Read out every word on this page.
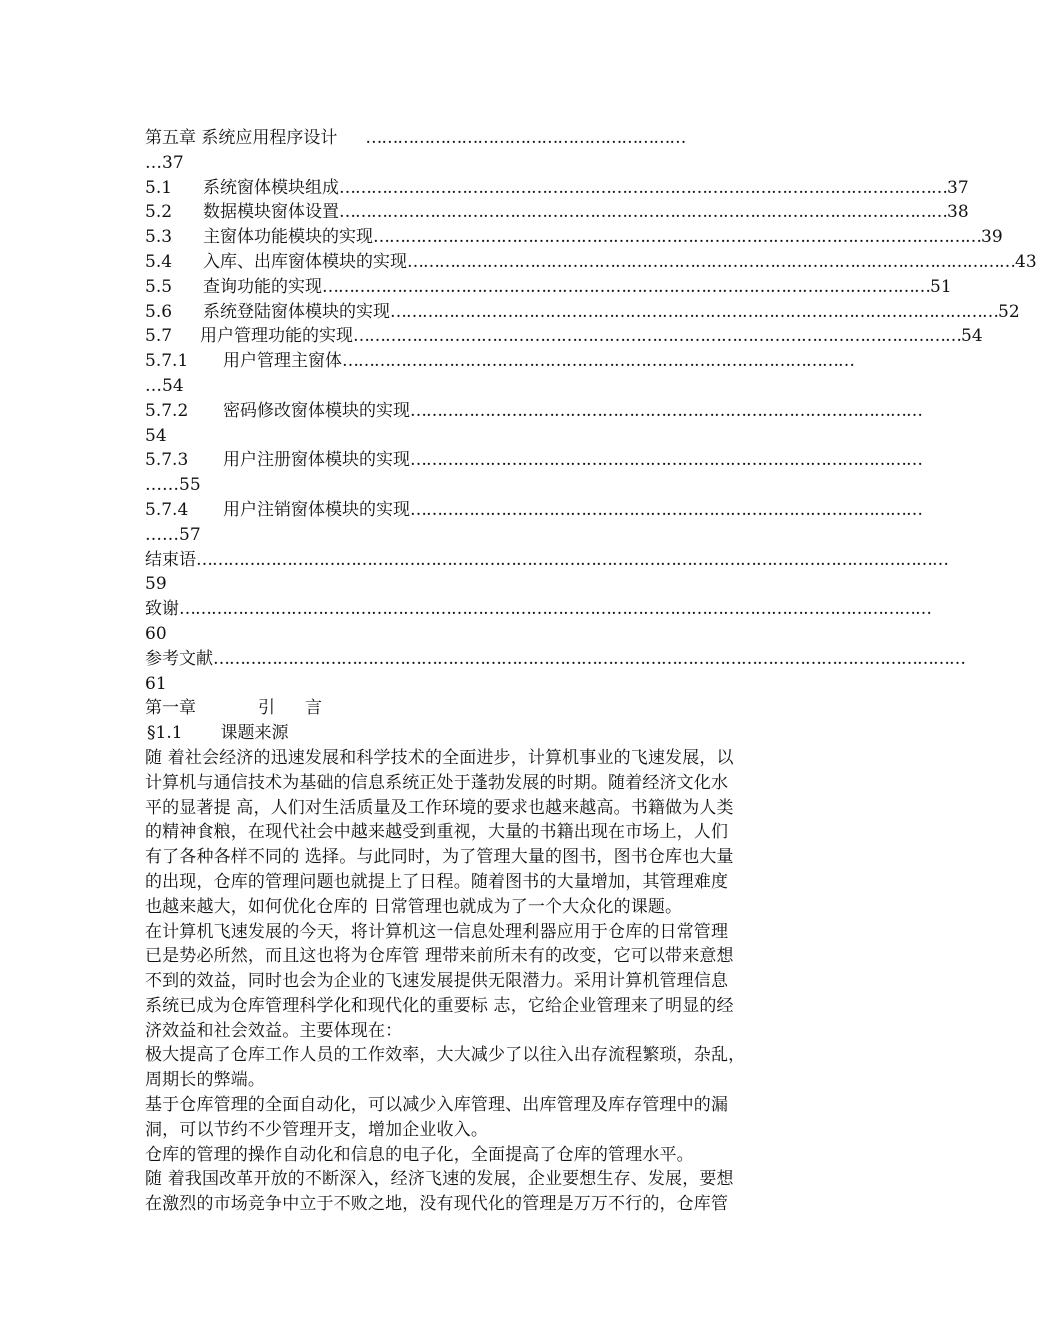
第五章 系统应用程序设计 ……………………………………………………
…37
5.1	系统窗体模块组成 …………………………………………………………………………………………………… 37
5.2	数据模块窗体设置 …………………………………………………………………………………………………… 38
5.3	主窗体功能模块的实现 …………………………………………………………………………………………………… 39
5.4	入库、出库窗体模块的实现 …………………………………………………………………………………………………… 43
5.5	查询功能的实现 …………………………………………………………………………………………………… 51
5.6	系统登陆窗体模块的实现 …………………………………………………………………………………………………… 52
5.7	用户管理功能的实现 …………………………………………………………………………………………………… 54
5.7.1	用户管理主窗体 ……………………………………………………………………………………
…54
5.7.2	密码修改窗体模块的实现 ……………………………………………………………………………………
54
5.7.3	用户注册窗体模块的实现 ……………………………………………………………………………………
……55
5.7.4	用户注销窗体模块的实现 ……………………………………………………………………………………
……57
结束语 ……………………………………………………………………………………………………………………………
59
致谢 ……………………………………………………………………………………………………………………………
60
参考文献 ……………………………………………………………………………………………………………………………
61
第一章	引 言
§1.1 课题来源
随 着社会经济的迅速发展和科学技术的全面进步，计算机事业的飞速发展，以
计算机与通信技术为基础的信息系统正处于蓬勃发展的时期。随着经济文化水
平的显著提 高，人们对生活质量及工作环境的要求也越来越高。书籍做为人类
的精神食粮，在现代社会中越来越受到重视，大量的书籍出现在市场上，人们
有了各种各样不同的 选择。与此同时，为了管理大量的图书，图书仓库也大量
的出现，仓库的管理问题也就提上了日程。随着图书的大量增加，其管理难度
也越来越大，如何优化仓库的 日常管理也就成为了一个大众化的课题。
在计算机飞速发展的今天，将计算机这一信息处理利器应用于仓库的日常管理
已是势必所然，而且这也将为仓库管 理带来前所未有的改变，它可以带来意想
不到的效益，同时也会为企业的飞速发展提供无限潜力。采用计算机管理信息
系统已成为仓库管理科学化和现代化的重要标 志，它给企业管理来了明显的经
济效益和社会效益。主要体现在：
极大提高了仓库工作人员的工作效率，大大减少了以往入出存流程繁琐，杂乱，
周期长的弊端。
基于仓库管理的全面自动化，可以减少入库管理、出库管理及库存管理中的漏
洞，可以节约不少管理开支，增加企业收入。
仓库的管理的操作自动化和信息的电子化，全面提高了仓库的管理水平。
随 着我国改革开放的不断深入，经济飞速的发展，企业要想生存、发展，要想
在激烈的市场竞争中立于不败之地，没有现代化的管理是万万不行的，仓库管
